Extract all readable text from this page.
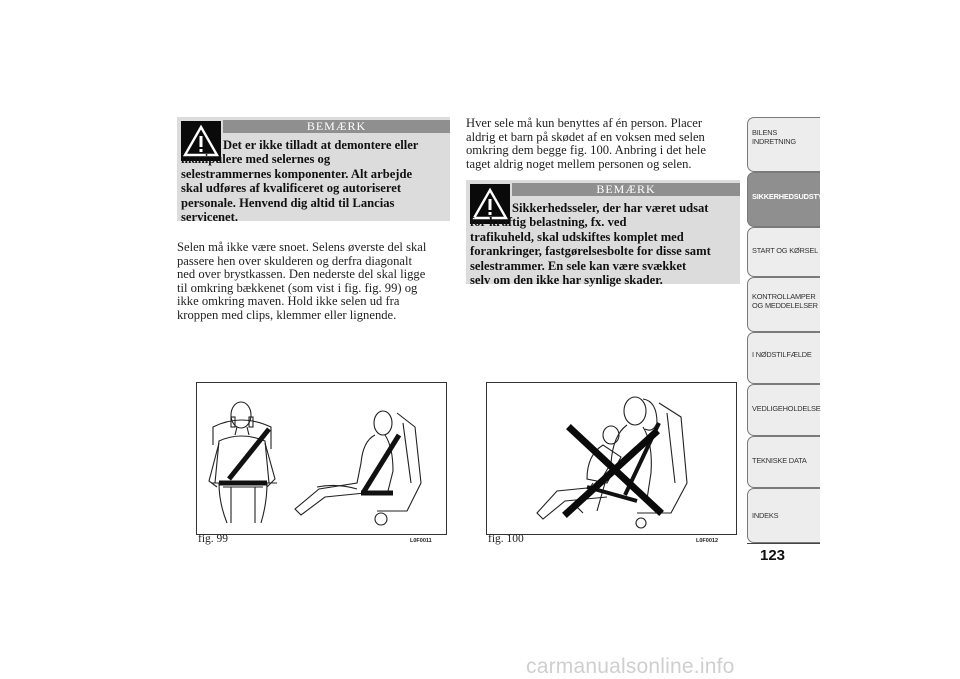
BEMÆRK
Det er ikke tilladt at demontere eller
manipulere med selernes og
selestrammernes komponenter. Alt arbejde
skal udføres af kvalificeret og autoriseret
personale. Henvend dig altid til Lancias
servicenet.
Selen må ikke være snoet. Selens øverste del skal
passere hen over skulderen og derfra diagonalt
ned over brystkassen. Den nederste del skal ligge
til omkring bækkenet (som vist i fig. fig. 99) og
ikke omkring maven. Hold ikke selen ud fra
kroppen med clips, klemmer eller lignende.
Hver sele må kun benyttes af én person. Placer
aldrig et barn på skødet af en voksen med selen
omkring dem begge fig. 100. Anbring i det hele
taget aldrig noget mellem personen og selen.
BEMÆRK
Sikkerhedsseler, der har været udsat
for kraftig belastning, fx. ved
trafikuheld, skal udskiftes komplet med
forankringer, fastgørelsesbolte for disse samt
selestrammer. En sele kan være svækket
selv om den ikke har synlige skader.
fig. 99	L0F0011	fig. 100	L0F0012
BILENS
INDRETNING
SIKKERHEDSUDSTYR
START OG KØRSEL
KONTROLLAMPER
OG MEDDELELSER
I NØDSTILFÆLDE
VEDLIGEHOLDELSE
TEKNISKE DATA
INDEKS
123
carmanualsonline.info
